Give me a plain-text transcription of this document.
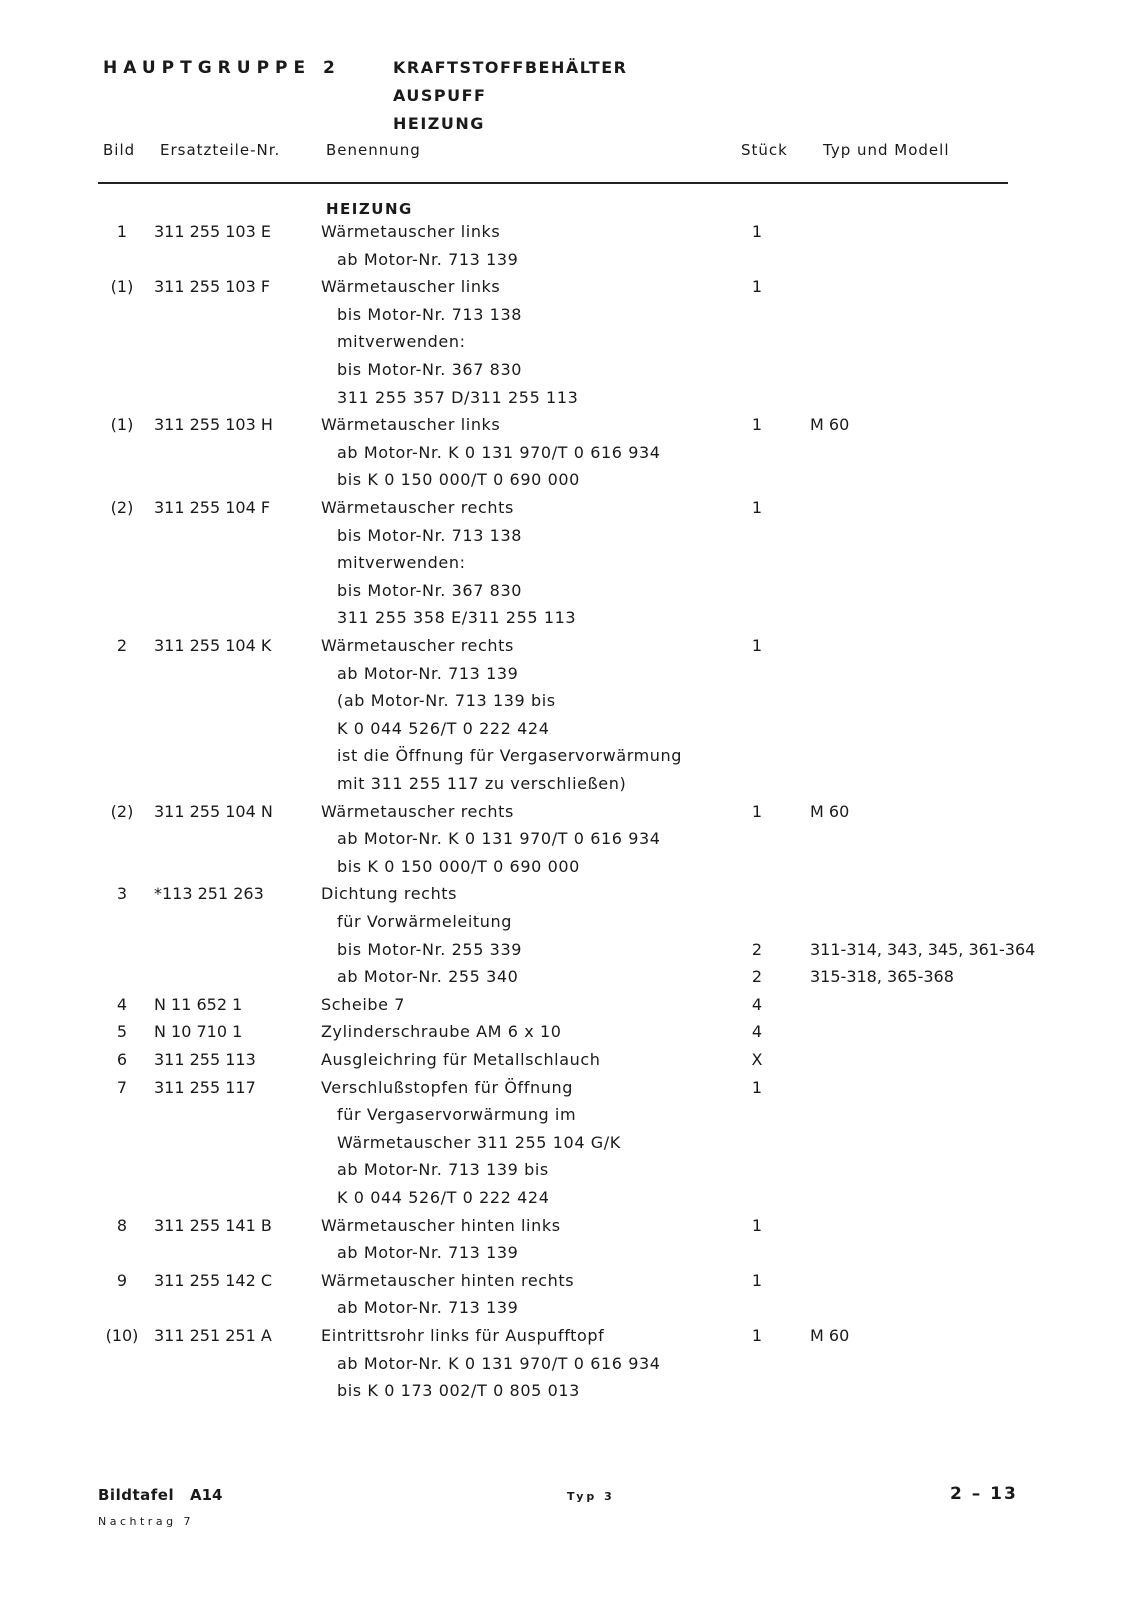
HAUPTGRUPPE 2	KRAFTSTOFFBEHÄLTER
AUSPUFF
HEIZUNG
Bild Ersatzteile-Nr.	Benennung	Stück Typ und Modell
HEIZUNG
1	311 255 103 E	Wärmetauscher links	1
ab Motor-Nr. 713 139
(1)	311 255 103 F	Wärmetauscher links	1
bis Motor-Nr. 713 138
mitverwenden:
bis Motor-Nr. 367 830
311 255 357 D/311 255 113
(1)	311 255 103 H	Wärmetauscher links	1	M 60
ab Motor-Nr. K 0 131 970/T 0 616 934
bis K 0 150 000/T 0 690 000
(2)	311 255 104 F	Wärmetauscher rechts	1
bis Motor-Nr. 713 138
mitverwenden:
bis Motor-Nr. 367 830
311 255 358 E/311 255 113
2	311 255 104 K	Wärmetauscher rechts	1
ab Motor-Nr. 713 139
(ab Motor-Nr. 713 139 bis
K 0 044 526/T 0 222 424
ist die Öffnung für Vergaservorwärmung
mit 311 255 117 zu verschließen)
(2)	311 255 104 N	Wärmetauscher rechts	1	M 60
ab Motor-Nr. K 0 131 970/T 0 616 934
bis K 0 150 000/T 0 690 000
3	*113 251 263	Dichtung rechts
für Vorwärmeleitung
bis Motor-Nr. 255 339	2	311-314, 343, 345, 361-364
ab Motor-Nr. 255 340	2	315-318, 365-368
4	N 11 652 1	Scheibe 7	4
5	N 10 710 1	Zylinderschraube AM 6 x 10	4
6	311 255 113	Ausgleichring für Metallschlauch	X
7	311 255 117	Verschlußstopfen für Öffnung	1
für Vergaservorwärmung im
Wärmetauscher 311 255 104 G/K
ab Motor-Nr. 713 139 bis
K 0 044 526/T 0 222 424
8	311 255 141 B	Wärmetauscher hinten links	1
ab Motor-Nr. 713 139
9	311 255 142 C	Wärmetauscher hinten rechts	1
ab Motor-Nr. 713 139
(10) 311 251 251 A	Eintrittsrohr links für Auspufftopf	1	M 60
ab Motor-Nr. K 0 131 970/T 0 616 934
bis K 0 173 002/T 0 805 013
Bildtafel A14	Typ 3	2 – 13
Nachtrag 7
